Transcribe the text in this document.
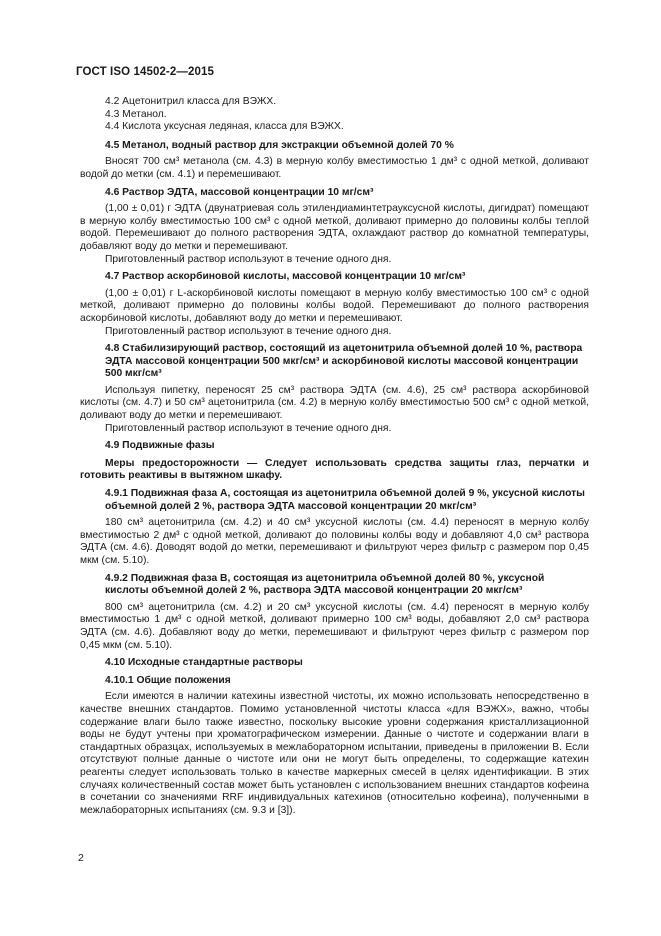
ГОСТ ISO 14502-2—2015
4.2 Ацетонитрил класса для ВЭЖХ.
4.3 Метанол.
4.4 Кислота уксусная ледяная, класса для ВЭЖХ.
4.5 Метанол, водный раствор для экстракции объемной долей 70 %

Вносят 700 см³ метанола (см. 4.3) в мерную колбу вместимостью 1 дм³ с одной меткой, доливают водой до метки (см. 4.1) и перемешивают.

4.6 Раствор ЭДТА, массовой концентрации 10 мг/см³

(1,00 ± 0,01) г ЭДТА (двунатриевая соль этилендиаминтетрауксусной кислоты, дигидрат) помещают в мерную колбу вместимостью 100 см³ с одной меткой, доливают примерно до половины колбы теплой водой. Перемешивают до полного растворения ЭДТА, охлаждают раствор до комнатной температуры, добавляют воду до метки и перемешивают.

Приготовленный раствор используют в течение одного дня.

4.7 Раствор аскорбиновой кислоты, массовой концентрации 10 мг/см³

(1,00 ± 0,01) г L-аскорбиновой кислоты помещают в мерную колбу вместимостью 100 см³ с одной меткой, доливают примерно до половины колбы водой. Перемешивают до полного растворения аскорбиновой кислоты, добавляют воду до метки и перемешивают.

Приготовленный раствор используют в течение одного дня.

4.8 Стабилизирующий раствор, состоящий из ацетонитрила объемной долей 10 %, раствора ЭДТА массовой концентрации 500 мкг/см³ и аскорбиновой кислоты массовой концентрации 500 мкг/см³

Используя пипетку, переносят 25 см³ раствора ЭДТА (см. 4.6), 25 см³ раствора аскорбиновой кислоты (см. 4.7) и 50 см³ ацетонитрила (см. 4.2) в мерную колбу вместимостью 500 см³ с одной меткой, доливают воду до метки и перемешивают.

Приготовленный раствор используют в течение одного дня.

4.9 Подвижные фазы

Меры предосторожности — Следует использовать средства защиты глаз, перчатки и готовить реактивы в вытяжном шкафу.

4.9.1 Подвижная фаза А, состоящая из ацетонитрила объемной долей 9 %, уксусной кислоты объемной долей 2 %, раствора ЭДТА массовой концентрации 20 мкг/см³

180 см³ ацетонитрила (см. 4.2) и 40 см³ уксусной кислоты (см. 4.4) переносят в мерную колбу вместимостью 2 дм³ с одной меткой, доливают до половины колбы воду и добавляют 4,0 см³ раствора ЭДТА (см. 4.6). Доводят водой до метки, перемешивают и фильтруют через фильтр с размером пор 0,45 мкм (см. 5.10).

4.9.2 Подвижная фаза В, состоящая из ацетонитрила объемной долей 80 %, уксусной кислоты объемной долей 2 %, раствора ЭДТА массовой концентрации 20 мкг/см³

800 см³ ацетонитрила (см. 4.2) и 20 см³ уксусной кислоты (см. 4.4) переносят в мерную колбу вместимостью 1 дм³ с одной меткой, доливают примерно 100 см³ воды, добавляют 2,0 см³ раствора ЭДТА (см. 4.6). Добавляют воду до метки, перемешивают и фильтруют через фильтр с размером пор 0,45 мкм (см. 5.10).

4.10 Исходные стандартные растворы
4.10.1 Общие положения

Если имеются в наличии катехины известной чистоты, их можно использовать непосредственно в качестве внешних стандартов. Помимо установленной чистоты класса «для ВЭЖХ», важно, чтобы содержание влаги было также известно, поскольку высокие уровни содержания кристаллизационной воды не будут учтены при хроматографическом измерении. Данные о чистоте и содержании влаги в стандартных образцах, используемых в межлабораторном испытании, приведены в приложении В. Если отсутствуют полные данные о чистоте или они не могут быть определены, то содержащие катехин реагенты следует использовать только в качестве маркерных смесей в целях идентификации. В этих случаях количественный состав может быть установлен с использованием внешних стандартов кофеина в сочетании со значениями RRF индивидуальных катехинов (относительно кофеина), полученными в межлабораторных испытаниях (см. 9.3 и [3]).

2
